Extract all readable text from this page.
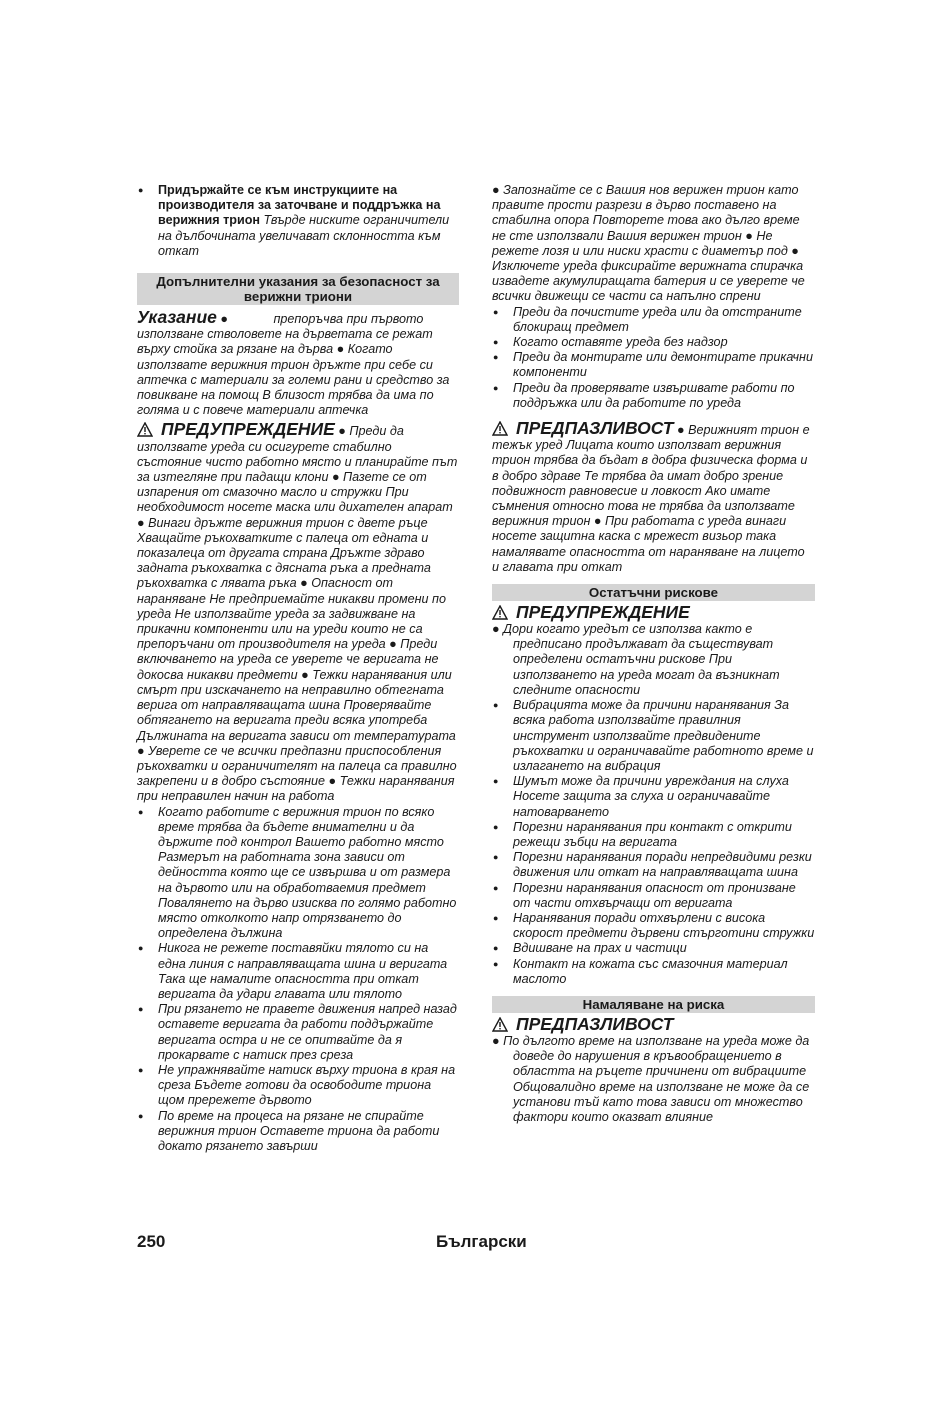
● Придържайте се към инструкциите на производителя за заточване и поддръжка на верижния трион Твърде ниските ограничители на дълбочината увеличават склонността към откат

Допълнителни указания за безопасност за верижни триони

Указание ●             препоръчва при първото използване стволовете на дърветата се режат върху стойка за рязане на дърва ● Когато използвате верижния трион дръжте при себе си аптечка с материали за големи рани и средство за повикване на помощ В близост трябва да има по голяма и с повече материали аптечка

ПРЕДУПРЕЖДЕНИЕ ● Преди да използвате уреда си осигурете стабилно състояние чисто работно място и планирайте път за изтегляне при падащи клони ● Пазете се от изпарения от смазочно масло и стружки При необходимост носете маска или дихателен апарат ● Винаги дръжте верижния трион с двете ръце Хващайте ръкохватките с палеца от едната и показалеца от другата страна Дръжте здраво задната ръкохватка с дясната ръка а предната ръкохватка с лявата ръка ● Опасност от нараняване Не предприемайте никакви промени по уреда Не използвайте уреда за задвижване на прикачни компоненти или на уреди които не са препоръчани от производителя на уреда ● Преди включването на уреда се уверете че веригата не докосва никакви предмети ● Тежки наранявания или смърт при изскачането на неправилно обтегната верига от направляващата шина Проверявайте обтягането на веригата преди всяка употреба Дължината на веригата зависи от температурата ● Уверете се че всички предпазни приспособления ръкохватки и ограничителят на палеца са правилно закрепени и в добро състояние ● Тежки наранявания при неправилен начин на работа

● Когато работите с верижния трион по всяко време трябва да бъдете внимателни и да държите под контрол Вашето работно място Размерът на работната зона зависи от дейността която ще се извършва и от размера на дървото или на обработваемия предмет Повалянето на дърво изисква по голямо работно място отколкото напр отрязването до определена дължина

● Никога не режете поставяйки тялото си на една линия с направляващата шина и веригата Така ще намалите опасността при откат веригата да удари главата или тялото

● При рязането не правете движения напред назад оставете веригата да работи поддържайте веригата остра и не се опитвайте да я прокарвате с натиск през среза

● Не упражнявайте натиск върху триона в края на среза Бъдете готови да освободите триона щом прережете дървото

● По време на процеса на рязане не спирайте верижния трион Оставете триона да работи докато рязането завърши

● Запознайте се с Вашия нов верижен трион като правите прости разрези в дърво поставено на стабилна опора Повторете това ако дълго време не сте използвали Вашия верижен трион ● Не режете лозя и или ниски храсти с диаметър под ● Изключете уреда фиксирайте верижната спирачка извадете акумулиращата батерия и се уверете че всички движещи се части са напълно спрени

● Преди да почистите уреда или да отстраните блокиращ предмет

● Когато оставяте уреда без надзор

● Преди да монтирате или демонтирате прикачни компоненти

● Преди да проверявате извършвате работи по поддръжка или да работите по уреда

ПРЕДПАЗЛИВОСТ ● Верижният трион е тежък уред Лицата които използват верижния трион трябва да бъдат в добра физическа форма и в добро здраве Те трябва да имат добро зрение подвижност равновесие и ловкост Ако имате съмнения относно това не трябва да използвате верижния трион ● При работата с уреда винаги носете защитна каска с мрежест визьор така намалявате опасността от нараняване на лицето и главата при откат

Остатъчни рискове
ПРЕДУПРЕЖДЕНИЕ

● Дори когато уредът се използва както е предписано продължават да съществуват определени остатъчни рискове При използването на уреда могат да възникнат следните опасности

● Вибрацията може да причини наранявания За всяка работа използвайте правилния инструмент използвайте предвидените ръкохватки и ограничавайте работното време и излагането на вибрация

● Шумът може да причини увреждания на слуха Носете защита за слуха и ограничавайте натоварването

● Порезни наранявания при контакт с открити режещи зъбци на веригата

● Порезни наранявания поради непредвидими резки движения или откат на направляващата шина

● Порезни наранявания опасност от пронизване от части отхвърчащи от веригата

● Наранявания поради отхвърлени с висока скорост предмети дървени стърготини стружки

● Вдишване на прах и частици

● Контакт на кожата със смазочния материал маслото

Намаляване на риска
ПРЕДПАЗЛИВОСТ

● По дългото време на използване на уреда може да доведе до нарушения в кръвообращението в областта на ръцете причинени от вибрациите Общовалидно време на използване не може да се установи тъй като това зависи от множество фактори които оказват влияние

250	Български
